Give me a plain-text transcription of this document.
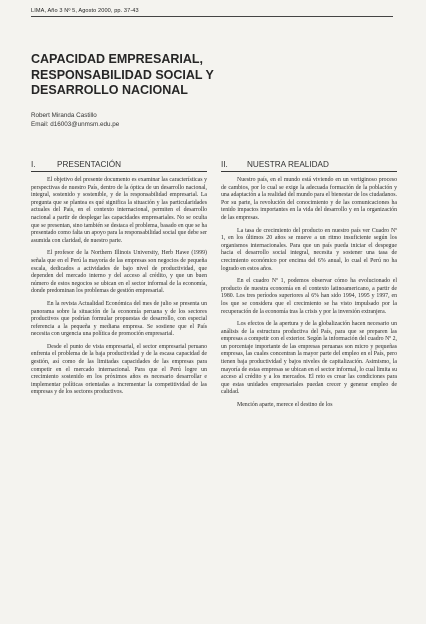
LIMA, Año 3 Nº 5, Agosto 2000, pp. 37-43
CAPACIDAD EMPRESARIAL,
RESPONSABILIDAD SOCIAL Y
DESARROLLO NACIONAL
Robert Miranda Castillo
Email: d16003@unmsm.edu.pe
I.	PRESENTACIÓN

El objetivo del presente documento es examinar las características y perspectivas de nuestro País, dentro de la óptica de un desarrollo nacional, integral, sostenido y sostenible, y de la responsabilidad empresarial. La pregunta que se plantea es qué significa la situación y las particularidades actuales del País, en el contexto internacional, permiten el desarrollo nacional a partir de desplegar las capacidades empresariales. No se oculta que se presentan, sino también se destaca el problema, basado en que se ha presentado como falta un apoyo para la responsabilidad social que debe ser asumida con claridad, de nuestro parte.

El profesor de la Northern Illinois University, Herb Hawe (1999) señala que en el Perú la mayoría de las empresas son negocios de pequeña escala, dedicados a actividades de bajo nivel de productividad, que dependen del mercado interno y del acceso al crédito, y que un buen número de estos negocios se ubican en el sector informal de la economía, donde predominan los problemas de gestión empresarial.

En la revista Actualidad Económica del mes de julio se presenta un panorama sobre la situación de la economía peruana y de los sectores productivos que podrían formular propuestas de desarrollo, con especial referencia a la pequeña y mediana empresa. Se sostiene que el País necesita con urgencia una política de promoción empresarial.

Desde el punto de vista empresarial, el sector empresarial peruano enfrenta el problema de la baja productividad y de la escasa capacidad de gestión, así como de las limitadas capacidades de las empresas para competir en el mercado internacional. Para que el Perú logre un crecimiento sostenido en los próximos años es necesario desarrollar e implementar políticas orientadas a incrementar la competitividad de las empresas y de los sectores productivos.

II. NUESTRA REALIDAD

Nuestro país, en el mundo está viviendo en un vertiginoso proceso de cambios, por lo cual se exige la adecuada formación de la población y una adaptación a la realidad del mundo para el bienestar de los ciudadanos. Por su parte, la revolución del conocimiento y de las comunicaciones ha tenido impactos importantes en la vida del desarrollo y en la organización de las empresas.

La tasa de crecimiento del producto en nuestro país ver Cuadro Nº 1, en los últimos 20 años se mueve a un ritmo insuficiente según los organismos internacionales. Para que un país pueda iniciar el despegue hacia el desarrollo social integral, necesita y sostener una tasa de crecimiento económico por encima del 6% anual, lo cual el Perú no ha logrado en estos años.

En el cuadro Nº 1, podemos observar cómo ha evolucionado el producto de nuestra economía en el contexto latinoamericano, a partir de 1980. Los tres períodos superiores al 6% han sido 1994, 1995 y 1997, en los que se considera que el crecimiento se ha visto impulsado por la recuperación de la economía tras la crisis y por la inversión extranjera.

Los efectos de la apertura y de la globalización hacen necesario un análisis de la estructura productiva del País, para que se preparen las empresas a competir con el exterior. Según la información del cuadro Nº 2, un porcentaje importante de las empresas peruanas son micro y pequeñas empresas, las cuales concentran la mayor parte del empleo en el País, pero tienen baja productividad y bajos niveles de capitalización. Asimismo, la mayoría de estas empresas se ubican en el sector informal, lo cual limita su acceso al crédito y a los mercados. El reto es crear las condiciones para que estas unidades empresariales puedan crecer y generar empleo de calidad.

Mención aparte, merece el destino de los
